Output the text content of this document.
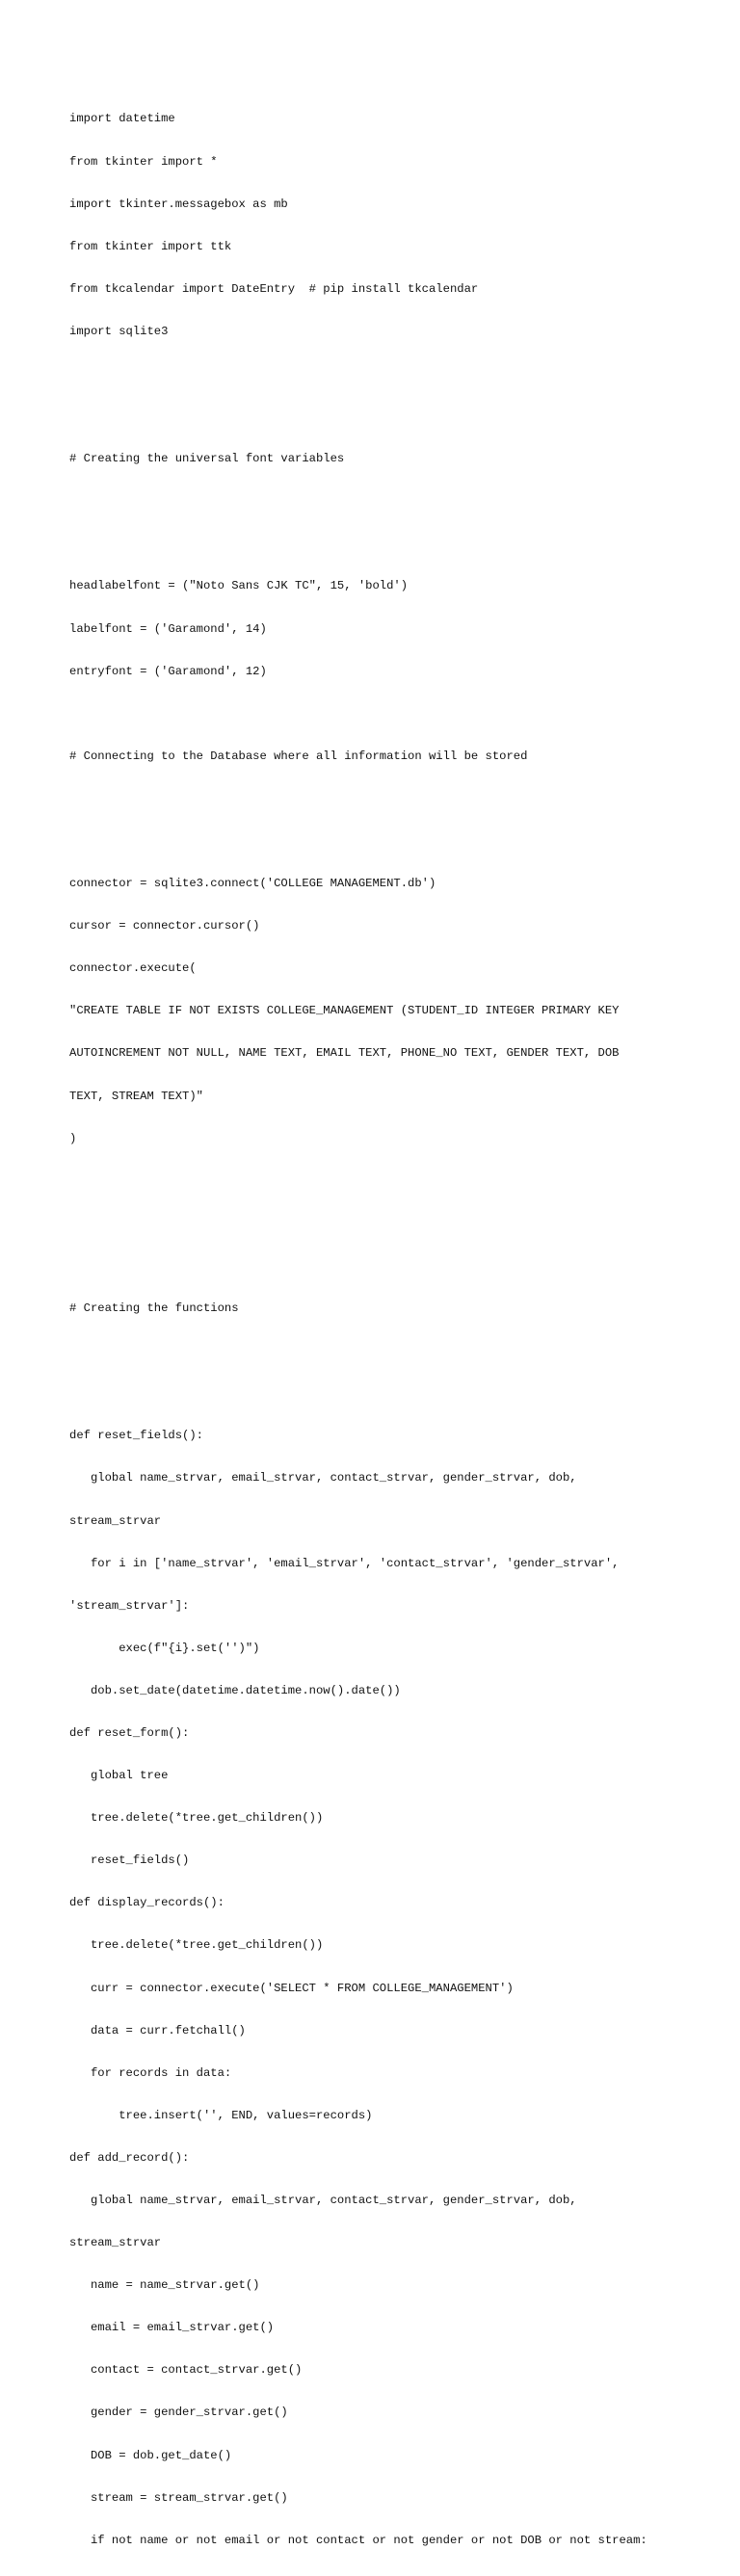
import datetime

from tkinter import *

import tkinter.messagebox as mb

from tkinter import ttk

from tkcalendar import DateEntry  # pip install tkcalendar

import sqlite3

# Creating the universal font variables

headlabelfont = ("Noto Sans CJK TC", 15, 'bold')

labelfont = ('Garamond', 14)

entryfont = ('Garamond', 12)

# Connecting to the Database where all information will be stored

connector = sqlite3.connect('COLLEGE MANAGEMENT.db')

cursor = connector.cursor()

connector.execute(

"CREATE TABLE IF NOT EXISTS COLLEGE_MANAGEMENT (STUDENT_ID INTEGER PRIMARY KEY

AUTOINCREMENT NOT NULL, NAME TEXT, EMAIL TEXT, PHONE_NO TEXT, GENDER TEXT, DOB

TEXT, STREAM TEXT)"

)

# Creating the functions

def reset_fields():

global name_strvar, email_strvar, contact_strvar, gender_strvar, dob,

stream_strvar

for i in ['name_strvar', 'email_strvar', 'contact_strvar', 'gender_strvar',

'stream_strvar']:

exec(f"{i}.set('')")

dob.set_date(datetime.datetime.now().date())

def reset_form():

global tree

tree.delete(*tree.get_children())

reset_fields()

def display_records():

tree.delete(*tree.get_children())

curr = connector.execute('SELECT * FROM COLLEGE_MANAGEMENT')

data = curr.fetchall()

for records in data:

tree.insert('', END, values=records)

def add_record():

global name_strvar, email_strvar, contact_strvar, gender_strvar, dob,

stream_strvar

name = name_strvar.get()

email = email_strvar.get()

contact = contact_strvar.get()

gender = gender_strvar.get()

DOB = dob.get_date()

stream = stream_strvar.get()

if not name or not email or not contact or not gender or not DOB or not stream:
